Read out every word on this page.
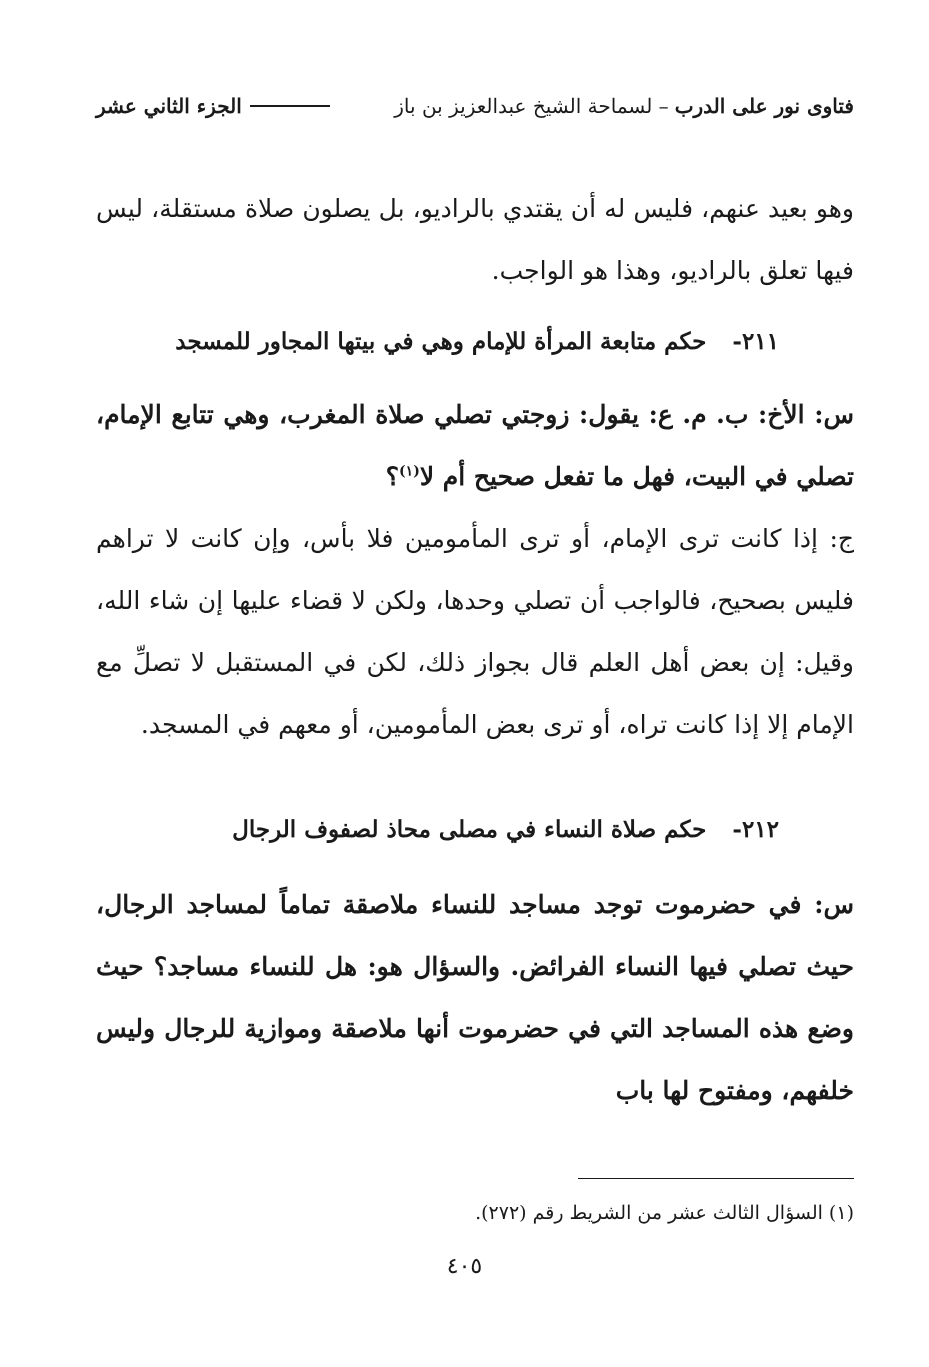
فتاوى نور على الدرب
– لسماحة الشيخ عبدالعزيز بن باز
الجزء الثاني عشر

وهو بعيد عنهم، فليس له أن يقتدي بالراديو، بل يصلون صلاة مستقلة، ليس فيها تعلق بالراديو، وهذا هو الواجب.

٢١١-حكم متابعة المرأة للإمام وهي في بيتها المجاور للمسجد

س: الأخ: ب. م. ع: يقول: زوجتي تصلي صلاة المغرب، وهي تتابع الإمام، تصلي في البيت، فهل ما تفعل صحيح أم لا$^{(١)}$؟

ج: إذا كانت ترى الإمام، أو ترى المأمومين فلا بأس، وإن كانت لا تراهم فليس بصحيح، فالواجب أن تصلي وحدها، ولكن لا قضاء عليها إن شاء الله، وقيل: إن بعض أهل العلم قال بجواز ذلك، لكن في المستقبل لا تصلِّ مع الإمام إلا إذا كانت تراه، أو ترى بعض المأمومين، أو معهم في المسجد.

٢١٢-حكم صلاة النساء في مصلى محاذ لصفوف الرجال

س: في حضرموت توجد مساجد للنساء ملاصقة تماماً لمساجد الرجال، حيث تصلي فيها النساء الفرائض. والسؤال هو: هل للنساء مساجد؟ حيث وضع هذه المساجد التي في حضرموت أنها ملاصقة وموازية للرجال وليس خلفهم، ومفتوح لها باب

(١) السؤال الثالث عشر من الشريط رقم (٢٧٢).
٤٠٥
